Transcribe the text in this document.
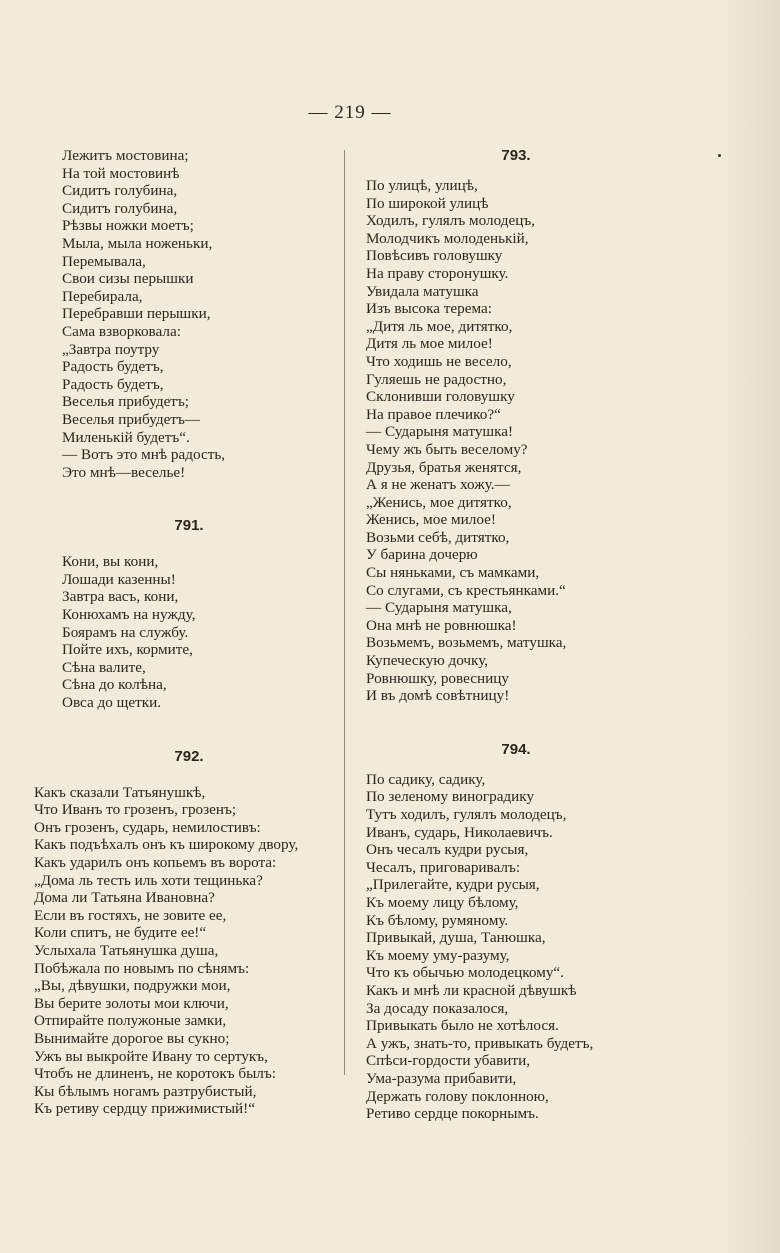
— 219 —
Лежитъ мостовина;
На той мостовинѣ
Сидитъ голубина,
Сидитъ голубина,
Рѣзвы ножки моетъ;
Мыла, мыла ноженьки,
Перемывала,
Свои сизы перышки
Перебирала,
Перебравши перышки,
Сама взворковала:
„Завтра поутру
Радость будетъ,
Радость будетъ,
Веселья прибудетъ;
Веселья прибудетъ—
Миленькій будетъ“.
— Вотъ это мнѣ радость,
Это мнѣ—веселье!
791.
Кони, вы кони,
Лошади казенны!
Завтра васъ, кони,
Конюхамъ на нужду,
Боярамъ на службу.
Пойте ихъ, кормите,
Сѣна валите,
Сѣна до колѣна,
Овса до щетки.
792.
Какъ сказали Татьянушкѣ,
Что Иванъ то грозенъ, грозенъ;
Онъ грозенъ, сударь, немилостивъ:
Какъ подъѣхалъ онъ къ широкому двору,
Какъ ударилъ онъ копьемъ въ ворота:
„Дома ль тесть иль хоти тещинька?
Дома ли Татьяна Ивановна?
Если въ гостяхъ, не зовите ее,
Коли спитъ, не будите ее!“
Услыхала Татьянушка душа,
Побѣжала по новымъ по сѣнямъ:
„Вы, дѣвушки, подружки мои,
Вы берите золоты мои ключи,
Отпирайте полужоные замки,
Вынимайте дорогое вы сукно;
Ужъ вы выкройте Ивану то сертукъ,
Чтобъ не длиненъ, не коротокъ былъ:
Кы бѣлымъ ногамъ разтрубистый,
Къ ретиву сердцу прижимистый!“
793.
По улицѣ, улицѣ,
По широкой улицѣ
Ходилъ, гулялъ молодецъ,
Молодчикъ молоденькій,
Повѣсивъ головушку
На праву сторонушку.
Увидала матушка
Изъ высока терема:
„Дитя ль мое, дитятко,
Дитя ль мое милое!
Что ходишь не весело,
Гуляешь не радостно,
Склонивши головушку
На правое плечико?“
— Сударыня матушка!
Чему жъ быть веселому?
Друзья, братья женятся,
А я не женатъ хожу.—
„Женись, мое дитятко,
Женись, мое милое!
Возьми себѣ, дитятко,
У барина дочерю
Сы няньками, съ мамками,
Со слугами, съ крестьянками.“
— Сударыня матушка,
Она мнѣ не ровнюшка!
Возьмемъ, возьмемъ, матушка,
Купеческую дочку,
Ровнюшку, ровесницу
И въ домѣ совѣтницу!
794.
По садику, садику,
По зеленому виноградику
Тутъ ходилъ, гулялъ молодецъ,
Иванъ, сударь, Николаевичъ.
Онъ чесалъ кудри русыя,
Чесалъ, приговаривалъ:
„Прилегайте, кудри русыя,
Къ моему лицу бѣлому,
Къ бѣлому, румяному.
Привыкай, душа, Танюшка,
Къ моему уму-разуму,
Что къ обычью молодецкому“.
Какъ и мнѣ ли красной дѣвушкѣ
За досаду показалося,
Привыкать было не хотѣлося.
А ужъ, знать-то, привыкать будетъ,
Спѣси-гордости убавити,
Ума-разума прибавити,
Держать голову поклонною,
Ретиво сердце покорнымъ.
